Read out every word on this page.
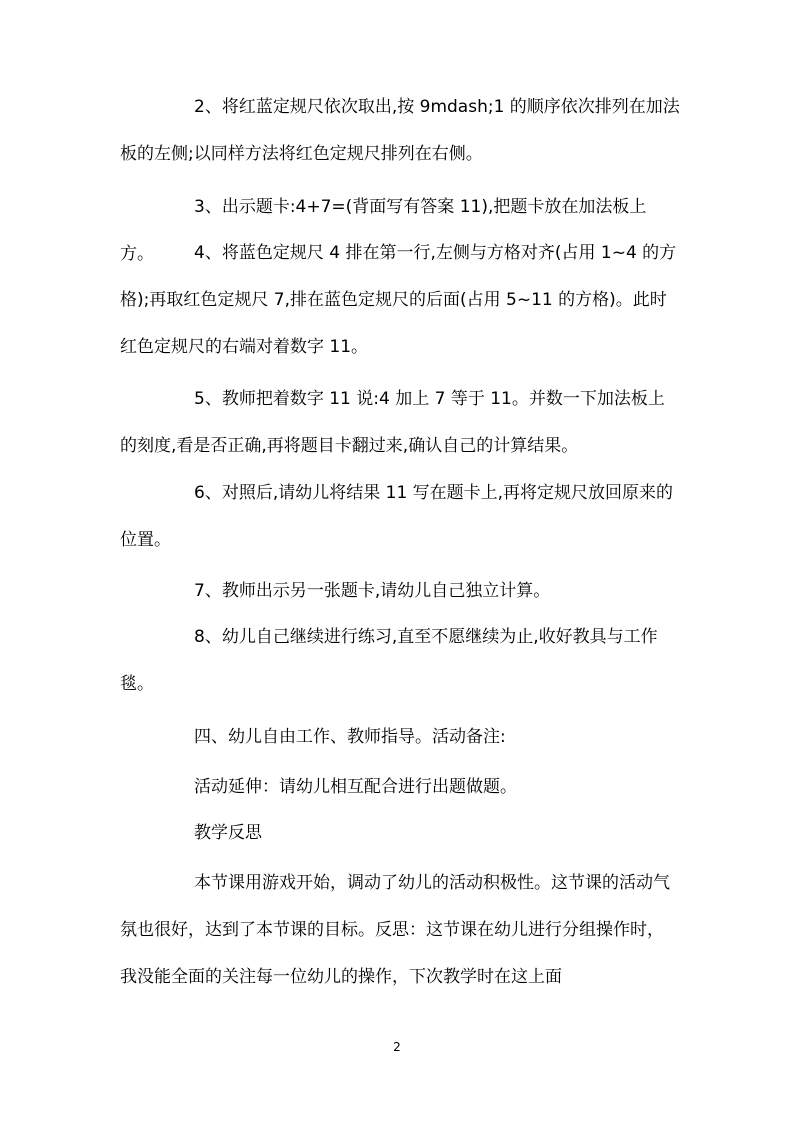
2、将红蓝定规尺依次取出,按 9mdash;1 的顺序依次排列在加法板的左侧;以同样方法将红色定规尺排列在右侧。

3、出示题卡:4+7=(背面写有答案 11),把题卡放在加法板上方。	4、将蓝色定规尺 4 排在第一行,左侧与方格对齐(占用 1~4 的方格);再取红色定规尺 7,排在蓝色定规尺的后面(占用 5~11 的方格)。此时红色定规尺的右端对着数字 11。

5、教师把着数字 11 说:4 加上 7 等于 11。并数一下加法板上的刻度,看是否正确,再将题目卡翻过来,确认自己的计算结果。

6、对照后,请幼儿将结果 11 写在题卡上,再将定规尺放回原来的位置。

7、教师出示另一张题卡,请幼儿自己独立计算。

8、幼儿自己继续进行练习,直至不愿继续为止,收好教具与工作毯。

四、幼儿自由工作、教师指导。活动备注:

活动延伸：请幼儿相互配合进行出题做题。

教学反思

本节课用游戏开始，调动了幼儿的活动积极性。这节课的活动气氛也很好，达到了本节课的目标。反思：这节课在幼儿进行分组操作时，我没能全面的关注每一位幼儿的操作，下次教学时在这上面

2
